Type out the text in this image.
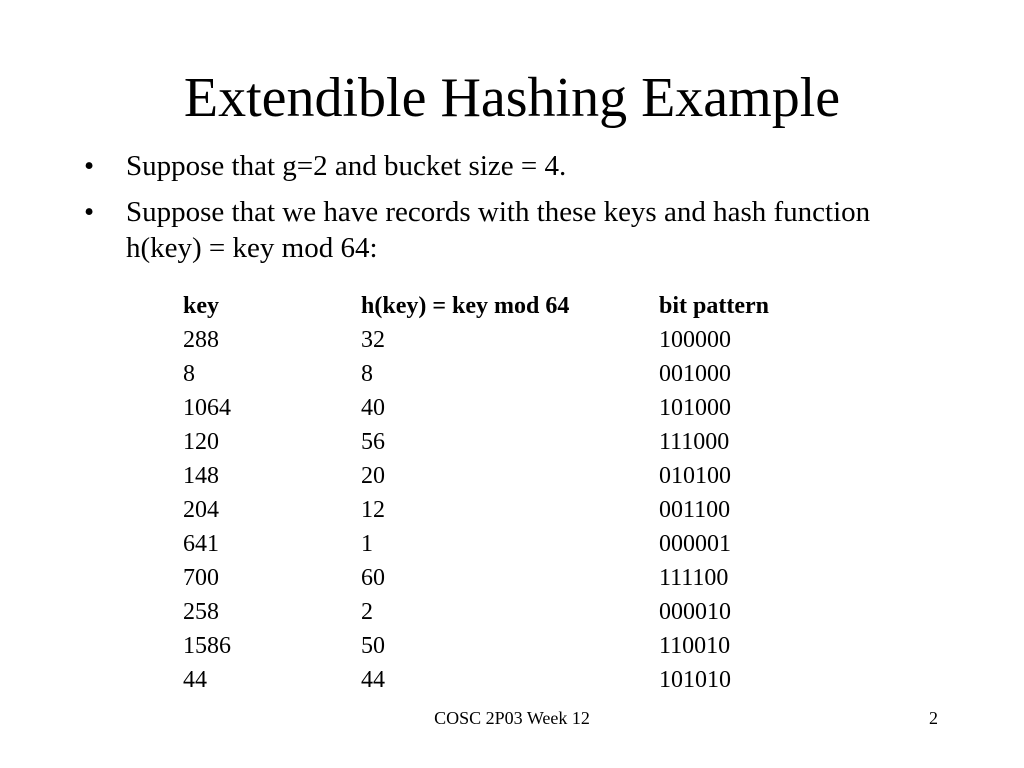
Extendible Hashing Example
• Suppose that g=2 and bucket size = 4.
• Suppose that we have records with these keys and hash function h(key) = key mod 64:
key	h(key) = key mod 64	bit pattern
288	32	100000
8	8	001000
1064	40	101000
120	56	111000
148	20	010100
204	12	001100
641	1	000001
700	60	111100
258	2	000010
1586	50	110010
44	44	101010
COSC 2P03 Week 12	2
